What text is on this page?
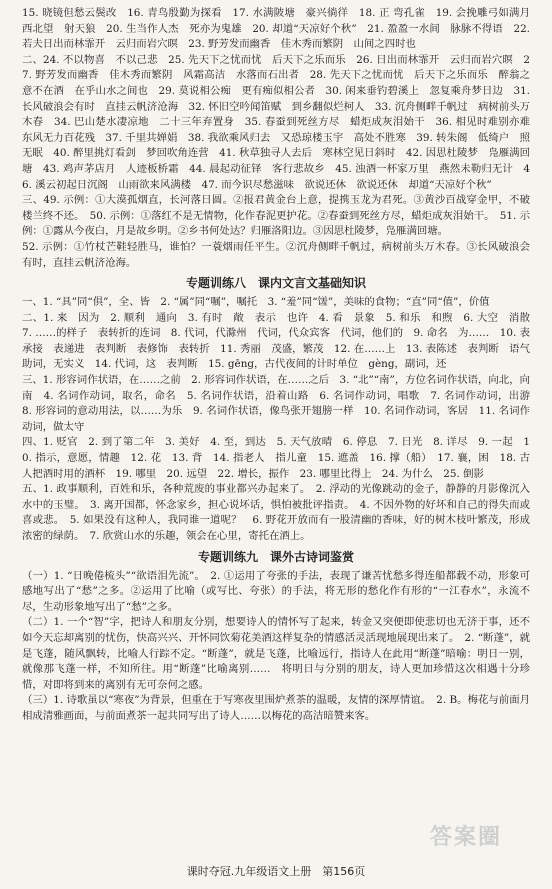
15. 晓镜但愁云鬓改　16. 青鸟殷勤为探看　17. 水满陂塘　豪兴徜徉　18. 正 弯孔雀　19. 会挽雕弓如满月　西北望　射天狼　20. 生当作人杰　死亦为鬼雄　20. 却道“天凉好个秋”　21. 盈盈一水间　脉脉不得语　22. 若夫日出而林霏开　云归而岩穴暝　23. 野芳发而幽香　佳木秀而繁阴　山间之四时也

二、24. 不以物喜　不以己悲　25. 先天下之忧而忧　后天下之乐而乐　26. 日出而林霏开　云归而岩穴暝　27. 野芳发而幽香　佳木秀而繁阴　风霜高洁　水落而石出者　28. 先天下之忧而忧　后天下之乐而乐　醉翁之意不在酒　在乎山水之间也　29. 莫说相公痴　更有痴似相公者　30. 闲来垂钓碧溪上　忽复乘舟梦日边　31. 长风破浪会有时　直挂云帆济沧海　32. 怀旧空吟闻笛赋　到乡翻似烂柯人　33. 沉舟侧畔千帆过　病树前头万木春　34. 巴山楚水凄凉地　二十三年弃置身　35. 春蚕到死丝方尽　蜡炬成灰泪始干　36. 相见时难别亦难　东风无力百花残　37. 千里共婵娟　38. 我欲乘风归去　又恐琼楼玉宇　高处不胜寒　39. 转朱阁　低绮户　照无眠　40. 醉里挑灯看剑　梦回吹角连营　41. 秋草独寻人去后　寒林空见日斜时　42. 因思杜陵梦　凫雁满回塘　43. 鸡声茅店月　人迹板桥霜　44. 晨起动征铎　客行悲故乡　45. 浊酒一杯家万里　燕然未勒归无计　46. 溪云初起日沉阁　山雨欲来风满楼　47. 而今识尽愁滋味　欲说还休　欲说还休　却道“天凉好个秋”

三、49. 示例：①大漠孤烟直，长河落日圆。②报君黄金台上意，提携玉龙为君死。③黄沙百战穿金甲，不破楼兰终不还。　50. 示例：①落红不是无情物，化作春泥更护花。②春蚕到死丝方尽，蜡炬成灰泪始干。　51. 示例：①露从今夜白，月是故乡明。②乡书何处达？归雁洛阳边。③因思杜陵梦，凫雁满回塘。

52. 示例：①竹杖芒鞋轻胜马，谁怕？一蓑烟雨任平生。②沉舟侧畔千帆过，病树前头万木春。③长风破浪会有时，直挂云帆济沧海。

专题训练八　课内文言文基础知识

一、1. “具”同“俱”，全、皆　2. “属”同“嘱”，嘱托　3. “羞”同“馐”，美味的食物；“直”同“值”，价值

二、1. 来　因为　2. 顺利　通向　3. 有时　敞　表示　也许　4. 看　景象　5. 和乐　和煦　6. 大空　消散　7. ……的样子　表转折的连词　8. 代词，代滁州　代词，代众宾客　代词，他们的　9. 命名　为……　10. 表承接　表递进　表判断　表修饰　表转折　11. 秀丽　茂盛，繁茂　12. 在……上　13. 表陈述　表判断　语气助词，无实义　14. 代词，这　表判断　15. gēng，古代夜间的计时单位　gèng，副词，还

三、1. 形容词作状语，在……之前　2. 形容词作状语，在……之后　3. “北”“南”，方位名词作状语，向北，向南　4. 名词作动词，取名，命名　5. 名词作状语，沿着山路　6. 名词作动词，唱歌　7. 名词作动词，出游　8. 形容词的意动用法，以……为乐　9. 名词作状语，像鸟张开翅膀一样　10. 名词作动词，客居　11. 名词作动词，做太守

四、1. 贬官　2. 到了第二年　3. 美好　4. 至，到达　5. 天气放晴　6. 停息　7. 日光　8. 详尽　9. 一起　10. 指示，意愿，情趣　12. 花　13. 背　14. 指老人　指儿童　15. 遮盖　16. 撑（船）　17. 襄，困　18. 古人把酒时用的酒杯　19. 哪里　20. 远望　22. 增长，振作　23. 哪里比得上　24. 为什么　25. 倒影

五、1. 政事顺利，百姓和乐，各种荒废的事业都兴办起来了。　2. 浮动的光像跳动的金子，静静的月影像沉入水中的玉璧。　3. 离开国都，怀念家乡，担心说坏话，惧怕被批评指责。　4. 不因外物的好坏和自己的得失而或喜或悲。　5. 如果没有这种人，我同谁一道呢？　6. 野花开放而有一股清幽的香味，好的树木枝叶繁茂，形成浓密的绿荫。　7. 欣赏山水的乐趣，领会在心里，寄托在酒上。

专题训练九　课外古诗词鉴赏

（一）1. “日晚倦梳头”“欲语泪先流”。　2. ①运用了夸张的手法，表现了谦苦忧愁多得连船都载不动，形象可感地写出了“愁”之多。②运用了比喻（或写比、夸张）的手法，将无形的愁化作有形的“一江春水”，永流不尽，生动形象地写出了“愁”之多。

（二）1. 一个“智”字，把诗人和朋友分别，想要诗人的情怀写了起来，转金又突便即使悲切也无济于事，还不如今天忘却离别的忧伤，快高兴兴、开怀同饮菊花美酒这样复杂的情感活灵活现地展现出来了。　2. “断蓬”，就是飞蓬，随风飘转，比喻人行踪不定。“断蓬”，就是飞蓬，比喻远行，指诗人在此用“断蓬”暗喻：明日一别，就像那飞蓬一样，不知所往。用“断蓬”比喻离别……　将明日与分别的朋友，诗人更加珍惜这次相遇十分珍惜，对即将到来的离别有无可奈何之感。

（三）1. 诗歌虽以“寒夜”为背景，但重在于写寒夜里围炉煮茶的温暖，友情的深厚情谊。　2. B。梅花与前面月相成清雅画面，与前面煮茶一起共同写出了诗人……以梅花的高洁暗赞来客。

答案圈
课时夺冠.九年级语文上册　第156页
